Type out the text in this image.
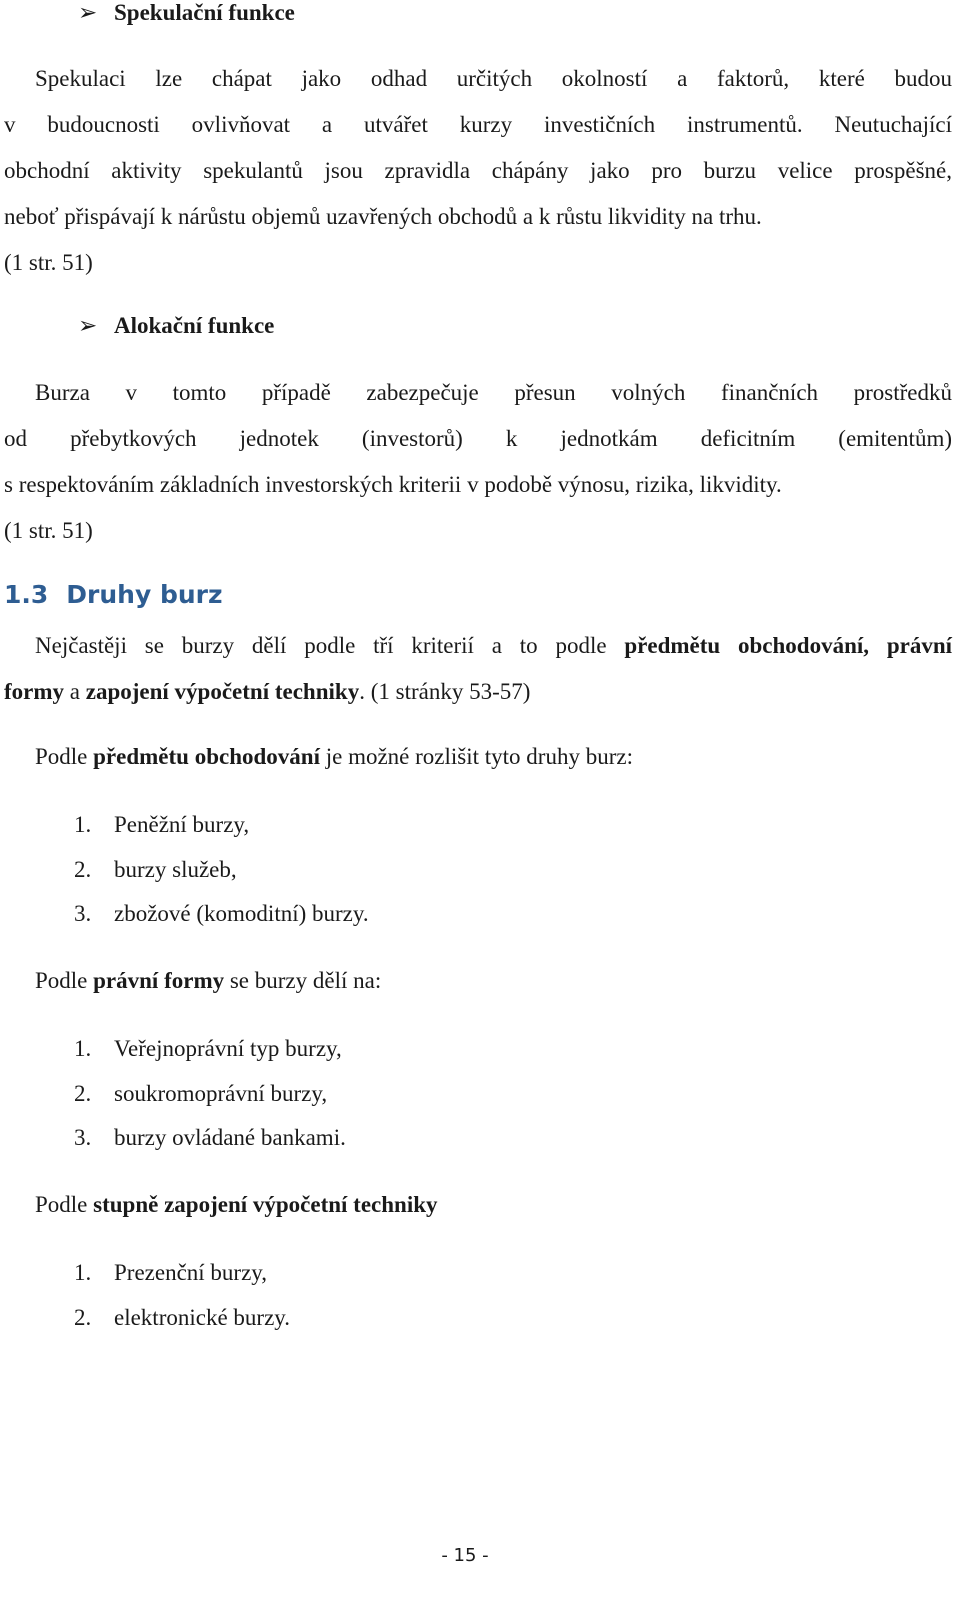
➢ Spekulační funkce
Spekulaci lze chápat jako odhad určitých okolností a faktorů, které budou
v budoucnosti ovlivňovat a utvářet kurzy investičních instrumentů. Neutuchající
obchodní aktivity spekulantů jsou zpravidla chápány jako pro burzu velice prospěšné,
neboť přispávají k nárůstu objemů uzavřených obchodů a k růstu likvidity na trhu.
(1 str. 51)
➢ Alokační funkce
Burza v tomto případě zabezpečuje přesun volných finančních prostředků
od přebytkových jednotek (investorů) k jednotkám deficitním (emitentům)
s respektováním základních investorských kriterii v podobě výnosu, rizika, likvidity.
(1 str. 51)
1.3 Druhy burz
Nejčastěji se burzy dělí podle tří kriterií a to podle předmětu obchodování, právní
formy a zapojení výpočetní techniky. (1 stránky 53-57)
Podle předmětu obchodování je možné rozlišit tyto druhy burz:
1. Peněžní burzy,
2. burzy služeb,
3. zbožové (komoditní) burzy.
Podle právní formy se burzy dělí na:
1. Veřejnoprávní typ burzy,
2. soukromoprávní burzy,
3. burzy ovládané bankami.
Podle stupně zapojení výpočetní techniky
1. Prezenční burzy,
2. elektronické burzy.
- 15 -
